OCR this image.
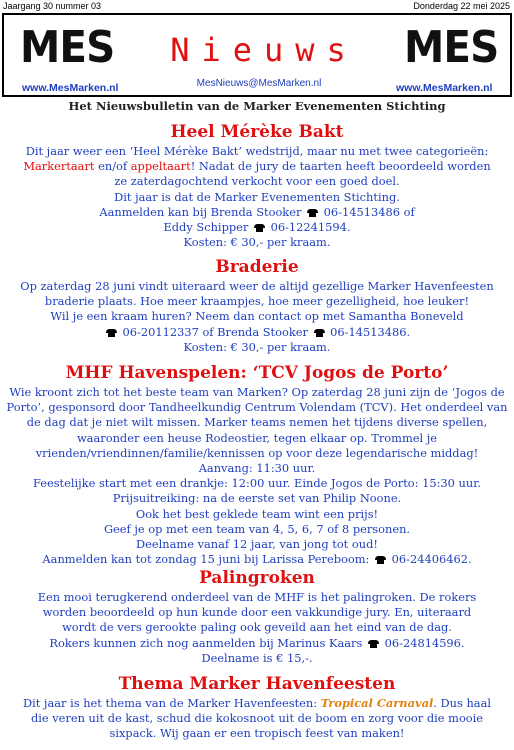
Jaargang 30 nummer 03	Donderdag 22 mei 2025
MES	MES
Nieuws
MesNieuws@MesMarken.nl
www.MesMarken.nl	www.MesMarken.nl
Het Nieuwsbulletin van de Marker Evenementen Stichting
Heel Mérèke Bakt

Dit jaar weer een ‘Heel Mérèke Bakt’ wedstrijd, maar nu met twee categorieën:

Markertaart en/of appeltaart! Nadat de jury de taarten heeft beoordeeld worden

ze zaterdagochtend verkocht voor een goed doel.

Dit jaar is dat de Marker Evenementen Stichting.

Aanmelden kan bij Brenda Stooker 06-14513486 of

Eddy Schipper 06-12241594.

Kosten: € 30,- per kraam.

Braderie

Op zaterdag 28 juni vindt uiteraard weer de altijd gezellige Marker Havenfeesten

braderie plaats. Hoe meer kraampjes, hoe meer gezelligheid, hoe leuker!

Wil je een kraam huren? Neem dan contact op met Samantha Boneveld

06-20112337 of Brenda Stooker 06-14513486.

Kosten: € 30,- per kraam.

MHF Havenspelen: ‘TCV Jogos de Porto’

Wie kroont zich tot het beste team van Marken? Op zaterdag 28 juni zijn de ‘Jogos de

Porto’, gesponsord door Tandheelkundig Centrum Volendam (TCV). Het onderdeel van

de dag dat je niet wilt missen. Marker teams nemen het tijdens diverse spellen,

waaronder een heuse Rodeostier, tegen elkaar op. Trommel je

vrienden/vriendinnen/familie/kennissen op voor deze legendarische middag!

Aanvang: 11:30 uur.

Feestelijke start met een drankje: 12:00 uur. Einde Jogos de Porto: 15:30 uur.

Prijsuitreiking: na de eerste set van Philip Noone.

Ook het best geklede team wint een prijs!

Geef je op met een team van 4, 5, 6, 7 of 8 personen.

Deelname vanaf 12 jaar, van jong tot oud!

Aanmelden kan tot zondag 15 juni bij Larissa Pereboom: 06-24406462.

Palingroken

Een mooi terugkerend onderdeel van de MHF is het palingroken. De rokers

worden beoordeeld op hun kunde door een vakkundige jury. En, uiteraard

wordt de vers gerookte paling ook geveild aan het eind van de dag.

Rokers kunnen zich nog aanmelden bij Marinus Kaars 06-24814596.

Deelname is € 15,-.

Thema Marker Havenfeesten

Dit jaar is het thema van de Marker Havenfeesten: Tropical Carnaval. Dus haal

die veren uit de kast, schud die kokosnoot uit de boom en zorg voor die mooie

sixpack. Wij gaan er een tropisch feest van maken!
